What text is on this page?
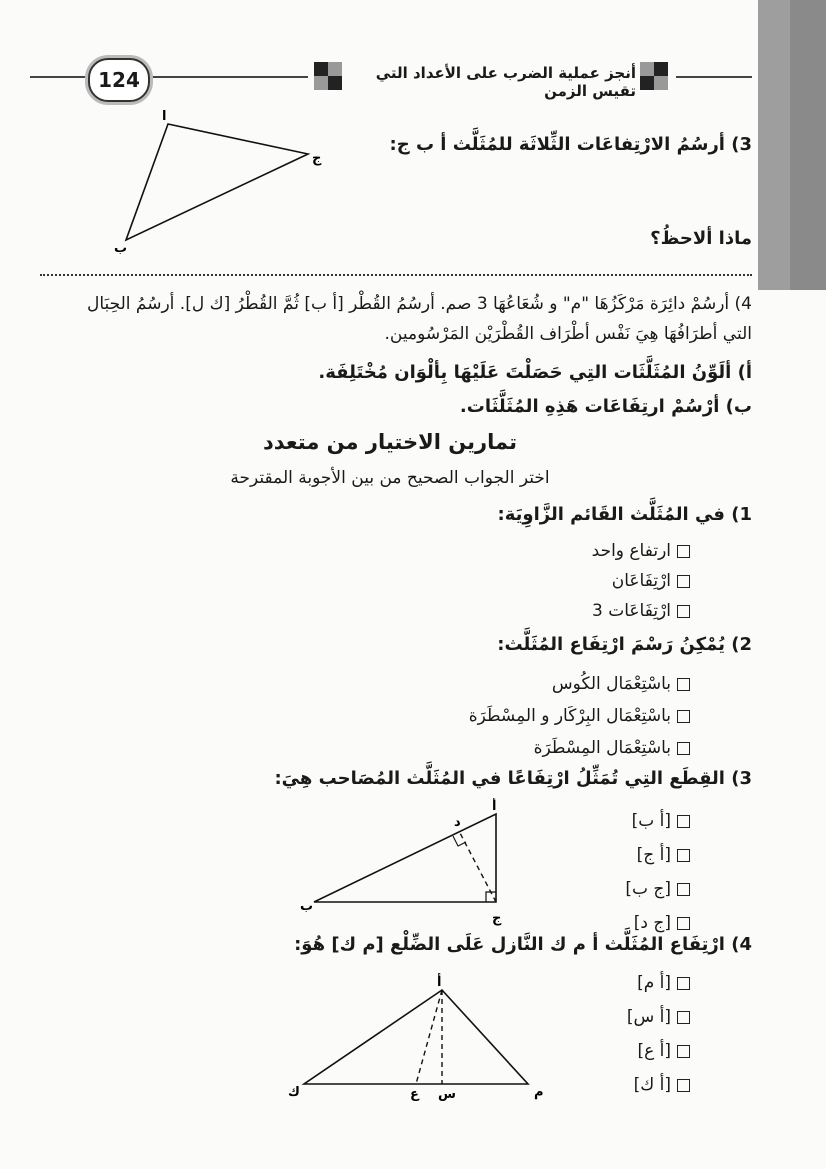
124	أنجز عملية الضرب على الأعداد التي تقيس الزمن
3) أرسُمُ الارْتِفاعَات الثِّلاثَة للمُثَلَّث أ ب ج:
أ
ب
ج
ماذا ألاحظُ؟
4) أرسُمْ دائِرَة مَرْكَزُهَا "م" و شُعَاعُهَا 3 صم. أرسُمُ القُطْر [أ ب] ثُمَّ القُطْرُ [ك ل]. أرسُمُ الحِبَال
التي أطرَافُهَا هِيَ نَفْس أطْرَاف القُطْرَيْن المَرْسُومين.
أ) ألَوِّنُ المُثَلَّثَات التِي حَصَلْتَ عَلَيْهَا بِألْوَان مُخْتَلِفَة.
ب) أرْسُمْ ارتِفَاعَات هَذِهِ المُثَلَّثَات.
تمارين الاختيار من متعدد
اختر الجواب الصحيح من بين الأجوبة المقترحة
1) في المُثَلَّث القَائم الزَّاوِيَة:
ارتفاع واحد
ارْتِفَاعَان
3 ارْتِفَاعَات
2) يُمْكِنُ رَسْمَ ارْتِفَاع المُثَلَّث:
باسْتِعْمَال الكُوس
باسْتِعْمَال البِرْكَار و المِسْطَرَة
باسْتِعْمَال المِسْطَرَة
3) القِطَع التِي تُمَثِّلُ ارْتِفَاعًا في المُثَلَّث المُصَاحب هِيَ:
[أ ب]
[أ ج]
[ج ب]
[ج د]
أ
ب
ج
د
4) ارْتِفَاع المُثَلَّث أ م ك النَّازل عَلَى الضِّلْع [م ك] هُوَ:
[أ م]
[أ س]
[أ ع]
[أ ك]
أ
ك	ع س	م
